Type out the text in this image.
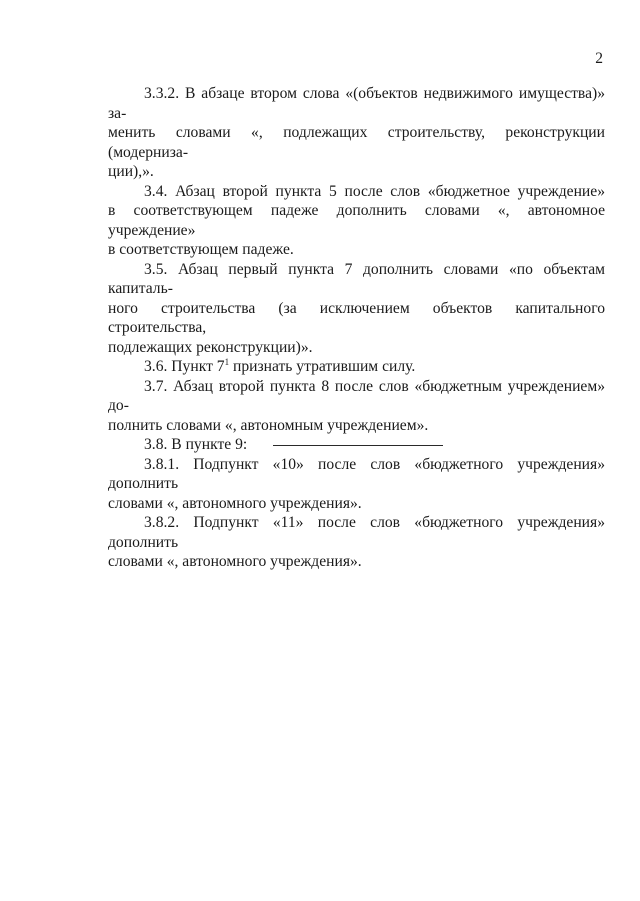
2

3.3.2. В абзаце втором слова «(объектов недвижимого имущества)» за-
менить словами «, подлежащих строительству, реконструкции (модерниза-
ции),».

3.4. Абзац второй пункта 5 после слов «бюджетное учреждение»
в соответствующем падеже дополнить словами «, автономное учреждение»
в соответствующем падеже.

3.5. Абзац первый пункта 7 дополнить словами «по объектам капиталь-
ного строительства (за исключением объектов капитального строительства,
подлежащих реконструкции)».

3.6. Пункт $7^1$ признать утратившим силу.

3.7. Абзац второй пункта 8 после слов «бюджетным учреждением» до-
полнить словами «, автономным учреждением».

3.8. В пункте 9:

3.8.1. Подпункт «10» после слов «бюджетного учреждения» дополнить
словами «, автономного учреждения».

3.8.2. Подпункт «11» после слов «бюджетного учреждения» дополнить
словами «, автономного учреждения».
